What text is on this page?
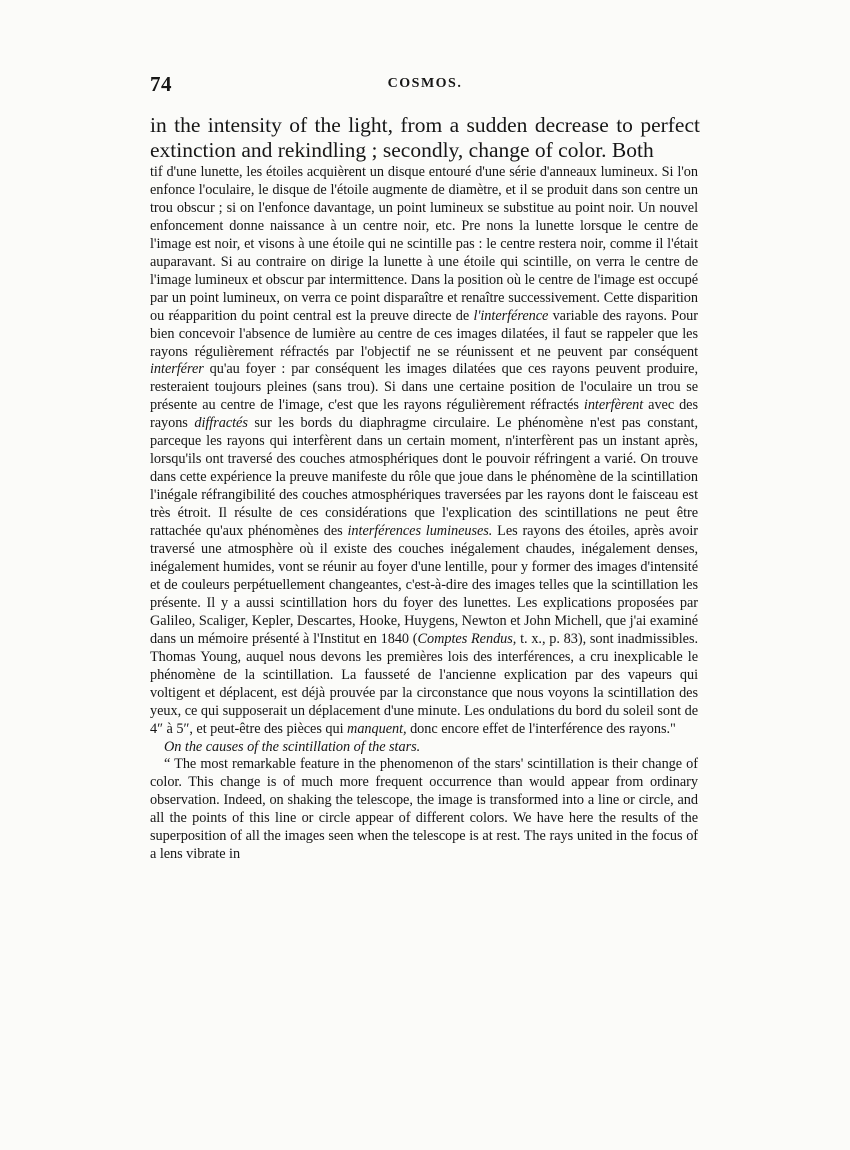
74	COSMOS.

in the intensity of the light, from a sudden decrease to perfect extinction and rekindling ; secondly, change of color. Both

tif d'une lunette, les étoiles acquièrent un disque entouré d'une série d'anneaux lumineux. Si l'on enfonce l'oculaire, le disque de l'étoile augmente de diamètre, et il se produit dans son centre un trou obscur ; si on l'enfonce davantage, un point lumineux se substitue au point noir. Un nouvel enfoncement donne naissance à un centre noir, etc. Pre nons la lunette lorsque le centre de l'image est noir, et visons à une étoile qui ne scintille pas : le centre restera noir, comme il l'était auparavant. Si au contraire on dirige la lunette à une étoile qui scintille, on verra le centre de l'image lumineux et obscur par intermittence. Dans la position où le centre de l'image est occupé par un point lumineux, on verra ce point disparaître et renaître successivement. Cette disparition ou réapparition du point central est la preuve directe de l'interférence variable des rayons. Pour bien concevoir l'absence de lumière au centre de ces images dilatées, il faut se rappeler que les rayons régulièrement réfractés par l'objectif ne se réunissent et ne peuvent par conséquent interférer qu'au foyer : par conséquent les images dilatées que ces rayons peuvent produire, resteraient toujours pleines (sans trou). Si dans une certaine position de l'oculaire un trou se présente au centre de l'image, c'est que les rayons régulièrement réfractés interfèrent avec des rayons diffractés sur les bords du diaphragme circulaire. Le phénomène n'est pas constant, parceque les rayons qui interfèrent dans un certain moment, n'interfèrent pas un instant après, lorsqu'ils ont traversé des couches atmosphériques dont le pouvoir réfringent a varié. On trouve dans cette expérience la preuve manifeste du rôle que joue dans le phénomène de la scintillation l'inégale réfrangibilité des couches atmosphériques traversées par les rayons dont le faisceau est très étroit. Il résulte de ces considérations que l'explication des scintillations ne peut être rattachée qu'aux phénomènes des interférences lumineuses. Les rayons des étoiles, après avoir traversé une atmosphère où il existe des couches inégalement chaudes, inégalement denses, inégalement humides, vont se réunir au foyer d'une lentille, pour y former des images d'intensité et de couleurs perpétuellement changeantes, c'est-à-dire des images telles que la scintillation les présente. Il y a aussi scintillation hors du foyer des lunettes. Les explications proposées par Galileo, Scaliger, Kepler, Descartes, Hooke, Huygens, Newton et John Michell, que j'ai examiné dans un mémoire présenté à l'Institut en 1840 (Comptes Rendus, t. x., p. 83), sont inadmissibles. Thomas Young, auquel nous devons les premières lois des interférences, a cru inexplicable le phénomène de la scintillation. La fausseté de l'ancienne explication par des vapeurs qui voltigent et déplacent, est déjà prouvée par la circonstance que nous voyons la scintillation des yeux, ce qui supposerait un déplacement d'une minute. Les ondulations du bord du soleil sont de 4″ à 5″, et peut-être des pièces qui manquent, donc encore effet de l'interférence des rayons."

On the causes of the scintillation of the stars.

“ The most remarkable feature in the phenomenon of the stars' scintillation is their change of color. This change is of much more frequent occurrence than would appear from ordinary observation. Indeed, on shaking the telescope, the image is transformed into a line or circle, and all the points of this line or circle appear of different colors. We have here the results of the superposition of all the images seen when the telescope is at rest. The rays united in the focus of a lens vibrate in
